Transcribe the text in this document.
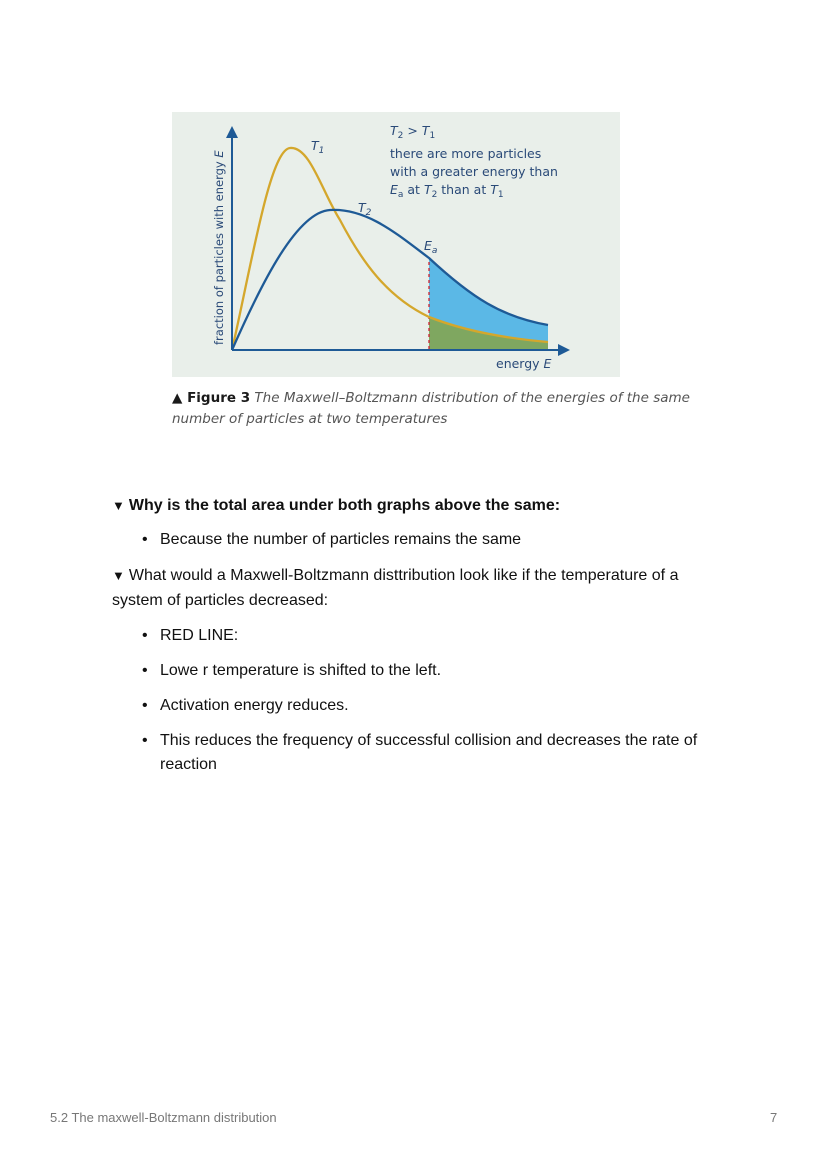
fraction of particles with energy E
energy E
$T_1$
$T_2$
$E_a$
$T_2 > T_1$
there are more particles
with a greater energy than
$E_a$ at $T_2$ than at $T_1$
▲ Figure 3 The Maxwell–Boltzmann distribution of the energies of the same number of particles at two temperatures
▼ Why is the total area under both graphs above the same:
• Because the number of particles remains the same
▼ What would a Maxwell-Boltzmann disttribution look like if the temperature of a system of particles decreased:
• RED LINE:
• Lowe r temperature is shifted to the left.
• Activation energy reduces.
• This reduces the frequency of successful collision and decreases the rate of reaction
5.2 The maxwell-Boltzmann distribution	7
